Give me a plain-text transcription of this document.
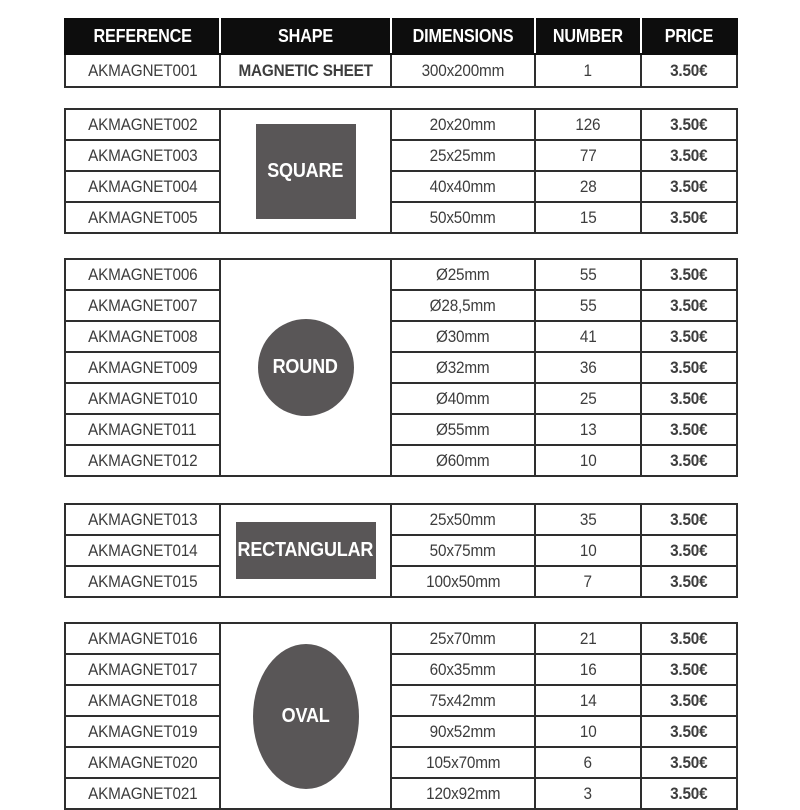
REFERENCE	SHAPE	DIMENSIONS	NUMBER	PRICE
AKMAGNET001	MAGNETIC SHEET	300x200mm	1	3.50€
AKMAGNET002	SQUARE	20x20mm	126	3.50€
AKMAGNET003		25x25mm	77	3.50€
AKMAGNET004		40x40mm	28	3.50€
AKMAGNET005		50x50mm	15	3.50€
AKMAGNET006	ROUND	Ø25mm	55	3.50€
AKMAGNET007		Ø28,5mm	55	3.50€
AKMAGNET008		Ø30mm	41	3.50€
AKMAGNET009		Ø32mm	36	3.50€
AKMAGNET010		Ø40mm	25	3.50€
AKMAGNET011		Ø55mm	13	3.50€
AKMAGNET012		Ø60mm	10	3.50€
AKMAGNET013	RECTANGULAR	25x50mm	35	3.50€
AKMAGNET014		50x75mm	10	3.50€
AKMAGNET015		100x50mm	7	3.50€
AKMAGNET016	OVAL	25x70mm	21	3.50€
AKMAGNET017		60x35mm	16	3.50€
AKMAGNET018		75x42mm	14	3.50€
AKMAGNET019		90x52mm	10	3.50€
AKMAGNET020		105x70mm	6	3.50€
AKMAGNET021		120x92mm	3	3.50€
